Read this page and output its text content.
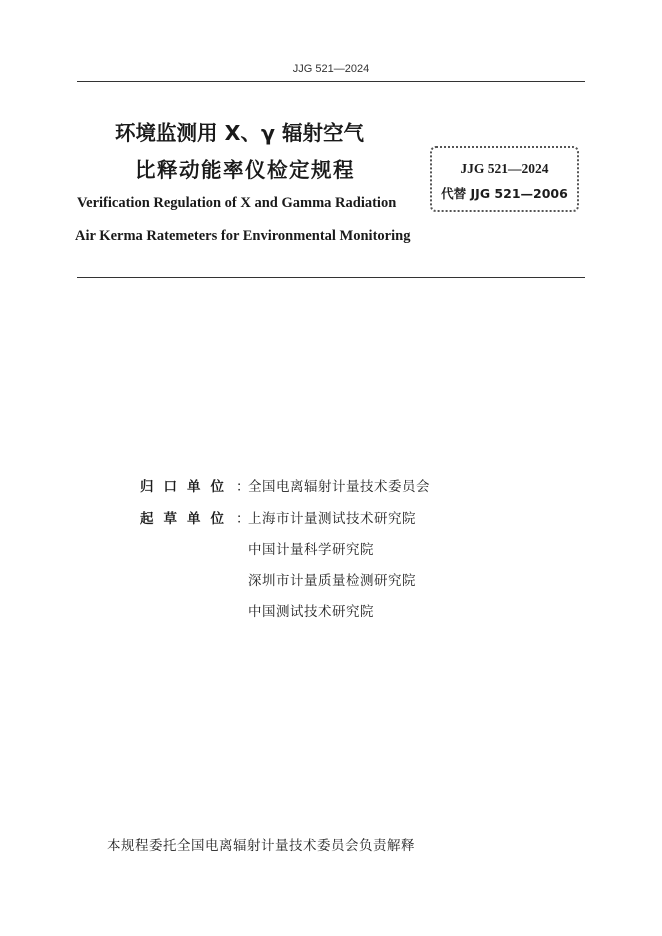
JJG 521—2024
环境监测用 X、γ 辐射空气
比释动能率仪检定规程
Verification Regulation of X and Gamma Radiation
Air Kerma Ratemeters for Environmental Monitoring
JJG 521—2024
代替 JJG 521—2006
归口单位 ：
全国电离辐射计量技术委员会
起草单位 ：
上海市计量测试技术研究院
中国计量科学研究院
深圳市计量质量检测研究院
中国测试技术研究院
本规程委托全国电离辐射计量技术委员会负责解释
